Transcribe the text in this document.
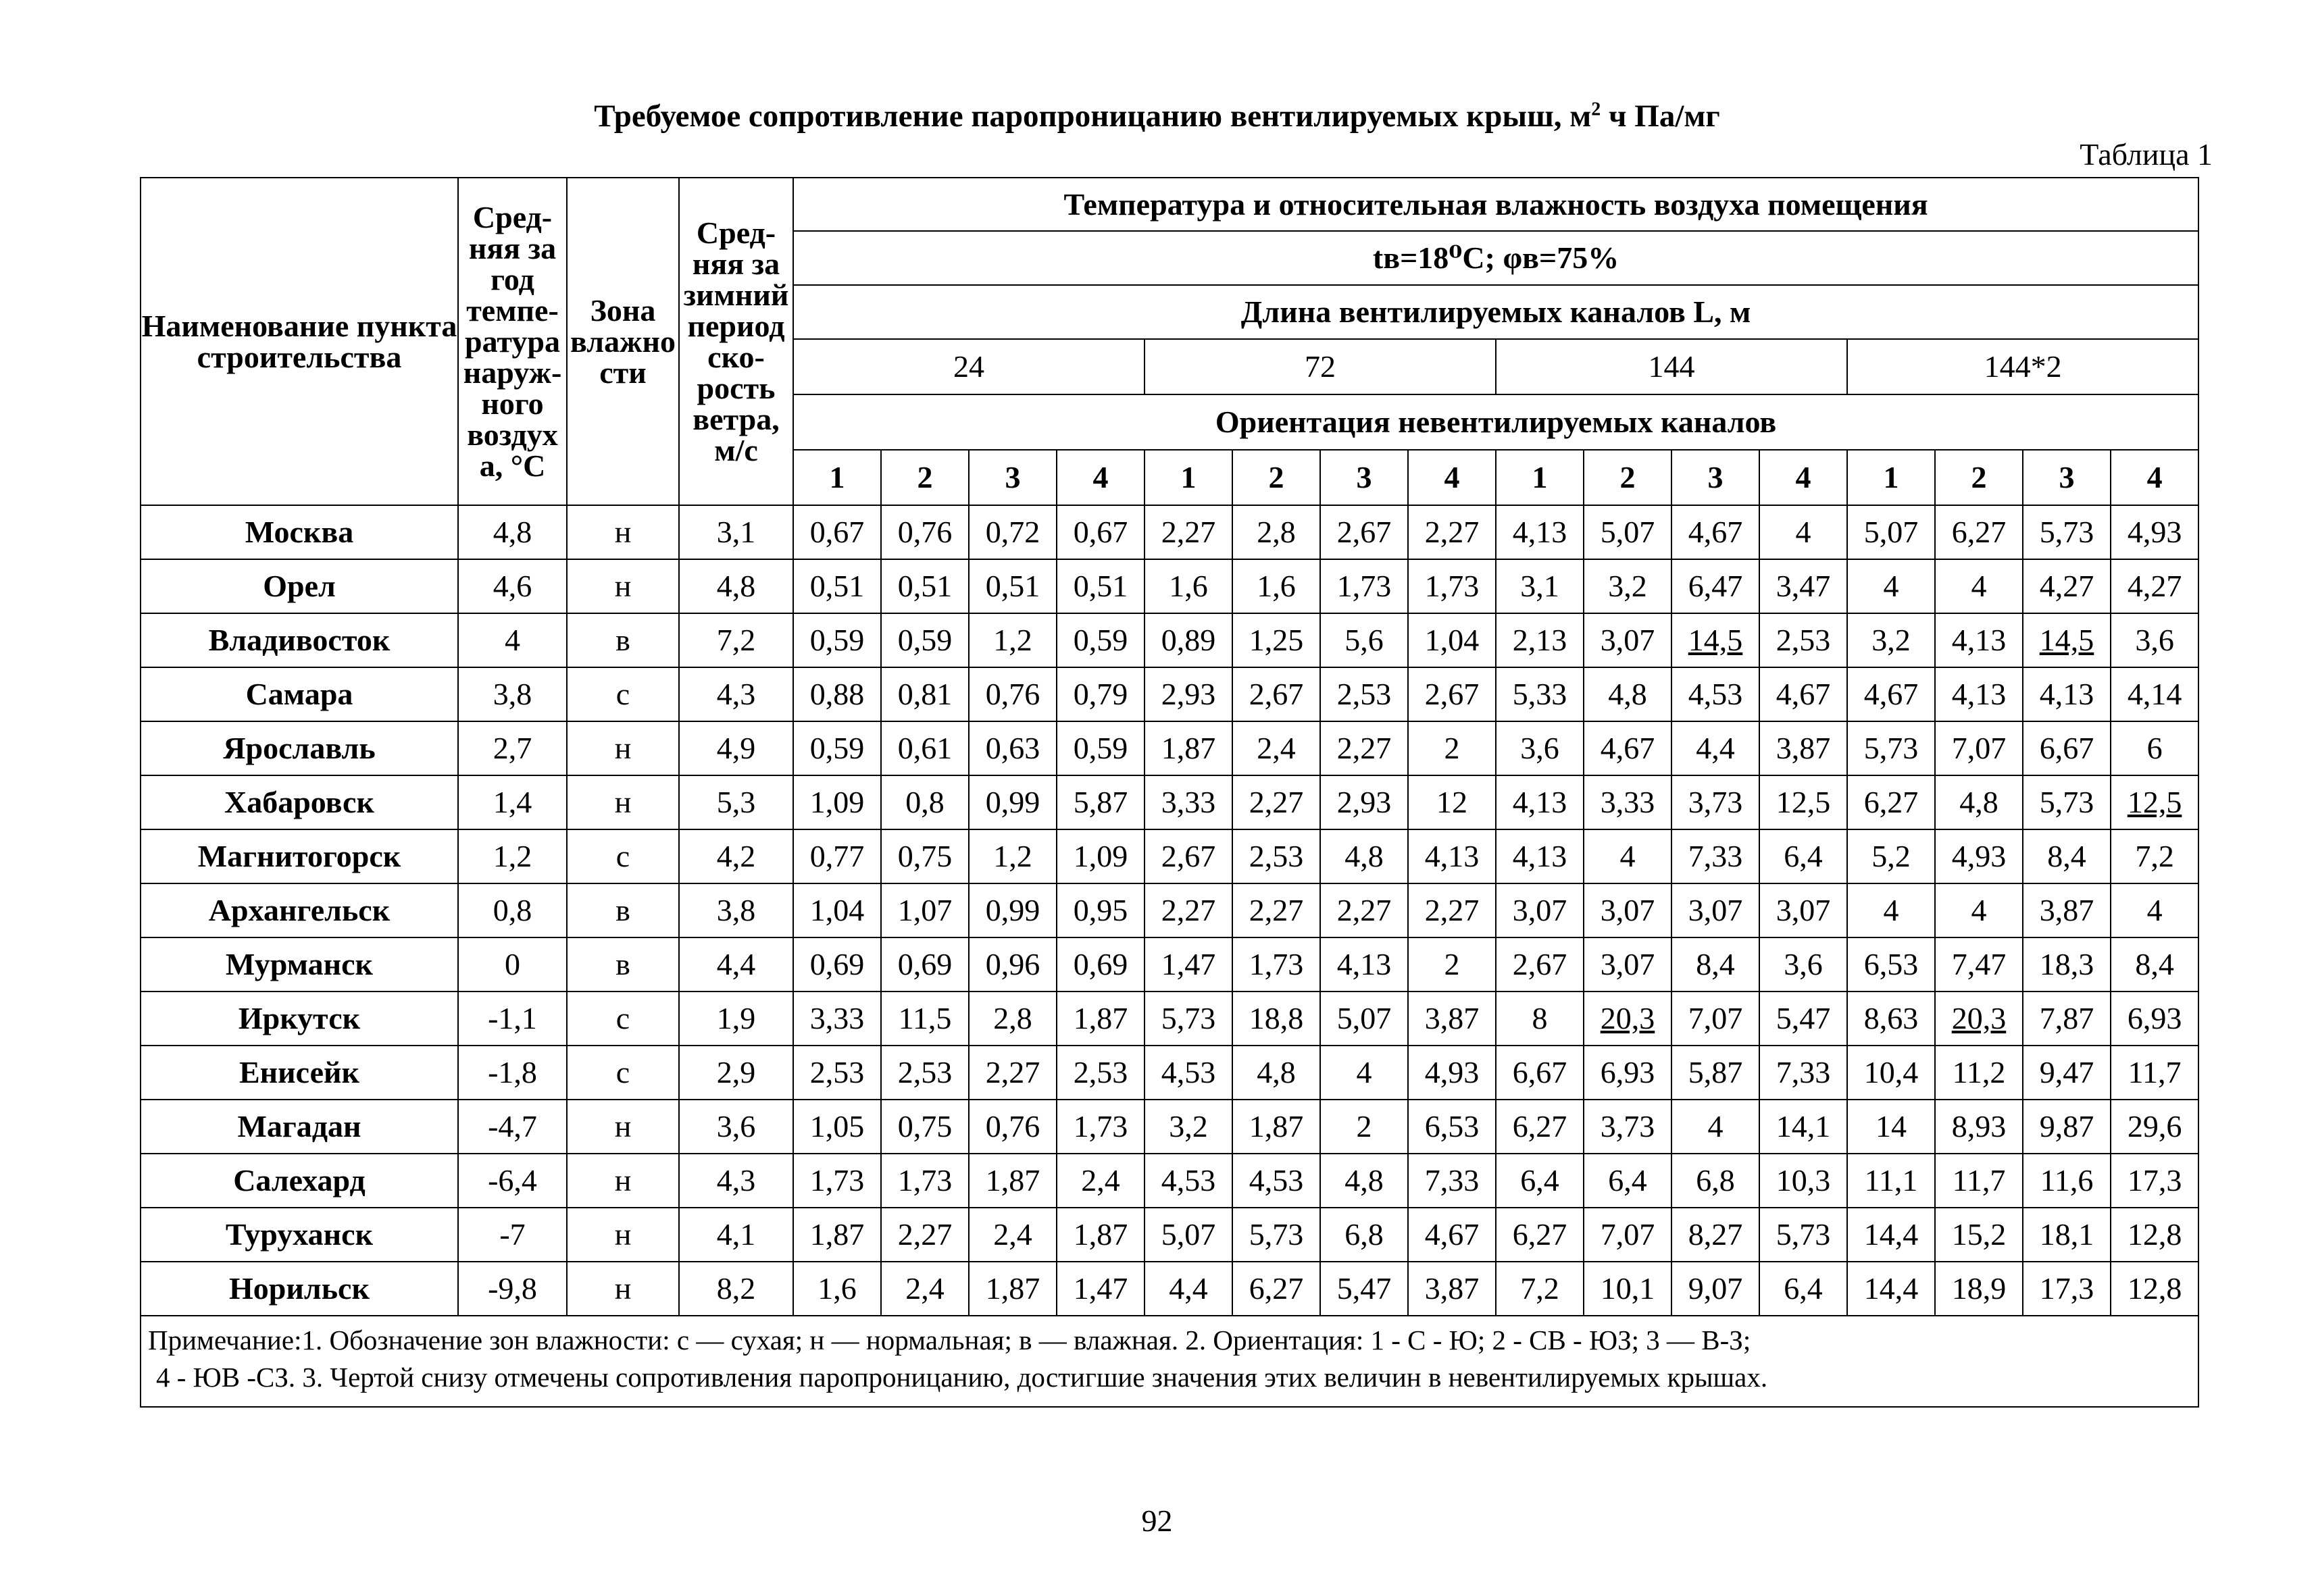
Требуемое сопротивление паропроницанию вентилируемых крыш, $м^2$ ч Па/мг
Таблица 1
Наименование пункта строительства	Сред-няя за год темпе-ратура наруж-ного воздух а, °С	Зона влажно сти	Сред-няя за зимний период ско-рость ветра, м/с	Температура и относительная влажность воздуха помещения															
				tв=18⁰С; φв=75%															
				Длина вентилируемых каналов L, м															
				24				72				144				144*2			
				Ориентация невентилируемых каналов															
				1	2	3	4	1	2	3	4	1	2	3	4	1	2	3	4
Москва	4,8	н	3,1	0,67	0,76	0,72	0,67	2,27	2,8	2,67	2,27	4,13	5,07	4,67	4	5,07	6,27	5,73	4,93
Орел	4,6	н	4,8	0,51	0,51	0,51	0,51	1,6	1,6	1,73	1,73	3,1	3,2	6,47	3,47	4	4	4,27	4,27
Владивосток	4	в	7,2	0,59	0,59	1,2	0,59	0,89	1,25	5,6	1,04	2,13	3,07	14,5	2,53	3,2	4,13	14,5	3,6
Самара	3,8	с	4,3	0,88	0,81	0,76	0,79	2,93	2,67	2,53	2,67	5,33	4,8	4,53	4,67	4,67	4,13	4,13	4,14
Ярославль	2,7	н	4,9	0,59	0,61	0,63	0,59	1,87	2,4	2,27	2	3,6	4,67	4,4	3,87	5,73	7,07	6,67	6
Хабаровск	1,4	н	5,3	1,09	0,8	0,99	5,87	3,33	2,27	2,93	12	4,13	3,33	3,73	12,5	6,27	4,8	5,73	12,5
Магнитогорск	1,2	с	4,2	0,77	0,75	1,2	1,09	2,67	2,53	4,8	4,13	4,13	4	7,33	6,4	5,2	4,93	8,4	7,2
Архангельск	0,8	в	3,8	1,04	1,07	0,99	0,95	2,27	2,27	2,27	2,27	3,07	3,07	3,07	3,07	4	4	3,87	4
Мурманск	0	в	4,4	0,69	0,69	0,96	0,69	1,47	1,73	4,13	2	2,67	3,07	8,4	3,6	6,53	7,47	18,3	8,4
Иркутск	-1,1	с	1,9	3,33	11,5	2,8	1,87	5,73	18,8	5,07	3,87	8	20,3	7,07	5,47	8,63	20,3	7,87	6,93
Енисейк	-1,8	с	2,9	2,53	2,53	2,27	2,53	4,53	4,8	4	4,93	6,67	6,93	5,87	7,33	10,4	11,2	9,47	11,7
Магадан	-4,7	н	3,6	1,05	0,75	0,76	1,73	3,2	1,87	2	6,53	6,27	3,73	4	14,1	14	8,93	9,87	29,6
Салехард	-6,4	н	4,3	1,73	1,73	1,87	2,4	4,53	4,53	4,8	7,33	6,4	6,4	6,8	10,3	11,1	11,7	11,6	17,3
Туруханск	-7	н	4,1	1,87	2,27	2,4	1,87	5,07	5,73	6,8	4,67	6,27	7,07	8,27	5,73	14,4	15,2	18,1	12,8
Норильск	-9,8	н	8,2	1,6	2,4	1,87	1,47	4,4	6,27	5,47	3,87	7,2	10,1	9,07	6,4	14,4	18,9	17,3	12,8

Примечание:1. Обозначение зон влажности: с — сухая; н — нормальная; в — влажная. 2. Ориентация: 1 - С - Ю; 2 - СВ - ЮЗ; 3 — В-З;
4 - ЮВ -СЗ. 3. Чертой снизу отмечены сопротивления паропроницанию, достигшие значения этих величин в невентилируемых крышах.																			
92
